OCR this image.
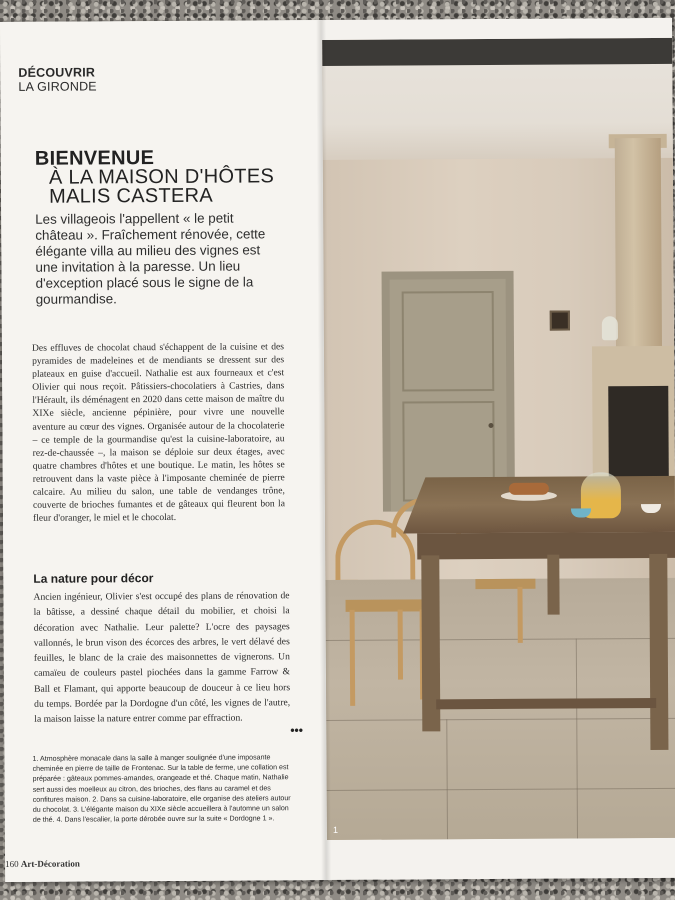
DÉCOUVRIR
LA GIRONDE
BIENVENUE
À LA MAISON D'HÔTES
MALIS CASTERA

Les villageois l'appellent « le petit château ». Fraîchement rénovée, cette élégante villa au milieu des vignes est une invitation à la paresse. Un lieu d'exception placé sous le signe de la gourmandise.

Des effluves de chocolat chaud s'échappent de la cuisine et des pyramides de madeleines et de mendiants se dressent sur des plateaux en guise d'accueil. Nathalie est aux fourneaux et c'est Olivier qui nous reçoit. Pâtissiers-chocolatiers à Castries, dans l'Hérault, ils déménagent en 2020 dans cette maison de maître du XIXe siècle, ancienne pépinière, pour vivre une nouvelle aventure au cœur des vignes. Organisée autour de la chocolaterie – ce temple de la gourmandise qu'est la cuisine-laboratoire, au rez-de-chaussée –, la maison se déploie sur deux étages, avec quatre chambres d'hôtes et une boutique. Le matin, les hôtes se retrouvent dans la vaste pièce à l'imposante cheminée de pierre calcaire. Au milieu du salon, une table de vendanges trône, couverte de brioches fumantes et de gâteaux qui fleurent bon la fleur d'oranger, le miel et le chocolat.

La nature pour décor

Ancien ingénieur, Olivier s'est occupé des plans de rénovation de la bâtisse, a dessiné chaque détail du mobilier, et choisi la décoration avec Nathalie. Leur palette? L'ocre des paysages vallonnés, le brun vison des écorces des arbres, le vert délavé des feuilles, le blanc de la craie des maisonnettes de vignerons. Un camaïeu de couleurs pastel piochées dans la gamme Farrow & Ball et Flamant, qui apporte beaucoup de douceur à ce lieu hors du temps. Bordée par la Dordogne d'un côté, les vignes de l'autre, la maison laisse la nature entrer comme par effraction.

•••

1. Atmosphère monacale dans la salle à manger soulignée d'une imposante cheminée en pierre de taille de Frontenac. Sur la table de ferme, une collation est préparée : gâteaux pommes-amandes, orangeade et thé. Chaque matin, Nathalie sert aussi des moelleux au citron, des brioches, des flans au caramel et des confitures maison.

2. Dans sa cuisine-laboratoire, elle organise des ateliers autour du chocolat.

3. L'élégante maison du XIXe siècle accueillera à l'automne un salon de thé.

4. Dans l'escalier, la porte dérobée ouvre sur la suite « Dordogne 1 ».

160 Art-Décoration
1
